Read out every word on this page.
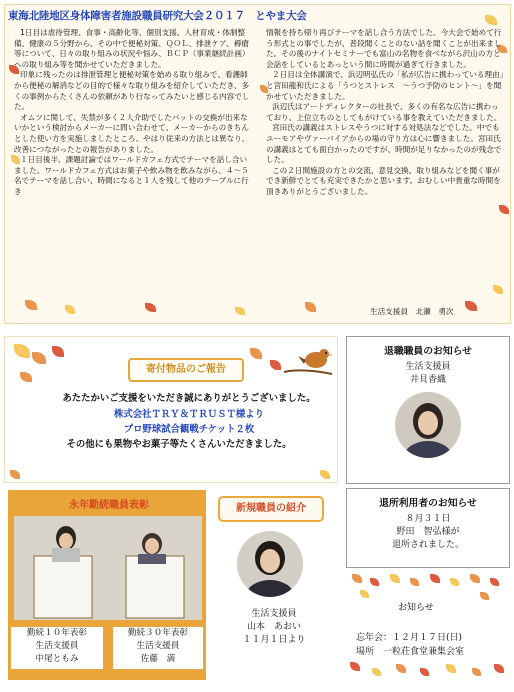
東海北陸地区身体障害者施設職員研究大会２０１７　とやま大会

1日目は虐待管理、食事・高齢化等、個別支援、人材育成・体制整備、健康の５分野から、その中で便秘対策、ＱＯＬ、排泄ケア、褥瘡等について、日々の取り組みの状況や悩み、ＢＣＰ（事業継続計画）への取り組み等を聞かせていただきました。

印象に残ったのは排泄管理と便秘対策を始める取り組みで、看護師から便秘の解消などの目的で様々な取り組みを紹介していただき、多くの事例からたくさんの依頼があり行なってみたいと感じる内容でした。

オムツに関して、失禁が多く２人介助でしたパットの交換が出来ないかという検討からメーカーに問い合わせて、メーカーからのきちんとした使い方を実施しましたところ、やはり従来の方法とは異なり、改善につながったとの報告がありました。

１日目後半、課題討論ではワールドカフェ方式でテーマを話し合いました。ワールドカフェ方式はお菓子や飲み物を飲みながら、４～５名でテーマを話し合い、時間になると１人を残して他のテーブルに行き

情報を持ち帰り再びテーマを話し合う方法でした。今大会で始めて行う形式との事でしたが、普段聞くことのない話を聞くことが出来ました。その後のナイトセミナーでも富山の名物を食べながら沢山の方と会話をしているとあっという間に時間が過ぎて行きました。

２日目は全体講演で、浜辺明弘氏の「私が広告に携わっている理由」と宮田龍和氏による「うつとストレス　～うつ予防のヒント～」を聞かせていただきました。

浜辺氏はアートディレクターの社長で、多くの有名な広告に携わっており、上位立ちのとしてもがけている事を教えていただきました。

宮田氏の講義はストレスやうつに対する対処法などでした。中でもユーモアやヴァーバイアからの場の守り方は心に響きました。宮田氏の講義はとても面白かったのですが、時間が足りなかったのが残念でした。

この２日間施設の方との交流、意見交換、取り組みなどを聞く事ができ新鮮でとても充実できたかと思います。おむしい中貴重な時間を頂きありがとうございました。

生活支援員　北瀬　勇次
寄付物品のご報告
あたたかいご支援をいただき誠にありがとうございました。
株式会社ＴＲＹ＆ＴＲＵＳＴ様より
プロ野球試合観戦チケット２枚
その他にも果物やお菓子等たくさんいただきました。
退職職員のお知らせ
生活支援員
井貝香織
永年勤続職員表彰
勤続１０年表彰
生活支援員
中尾ともみ
勤続３０年表彰
生活支援員
佐藤　満
新規職員の紹介
生活支援員
山本　あおい
１１月１日より
退所利用者のお知らせ
８月３１日
野田　智弘様が
退所されました。
お知らせ
忘年会：１２月１７日(日)
場所　一粒荘食堂兼集会室
